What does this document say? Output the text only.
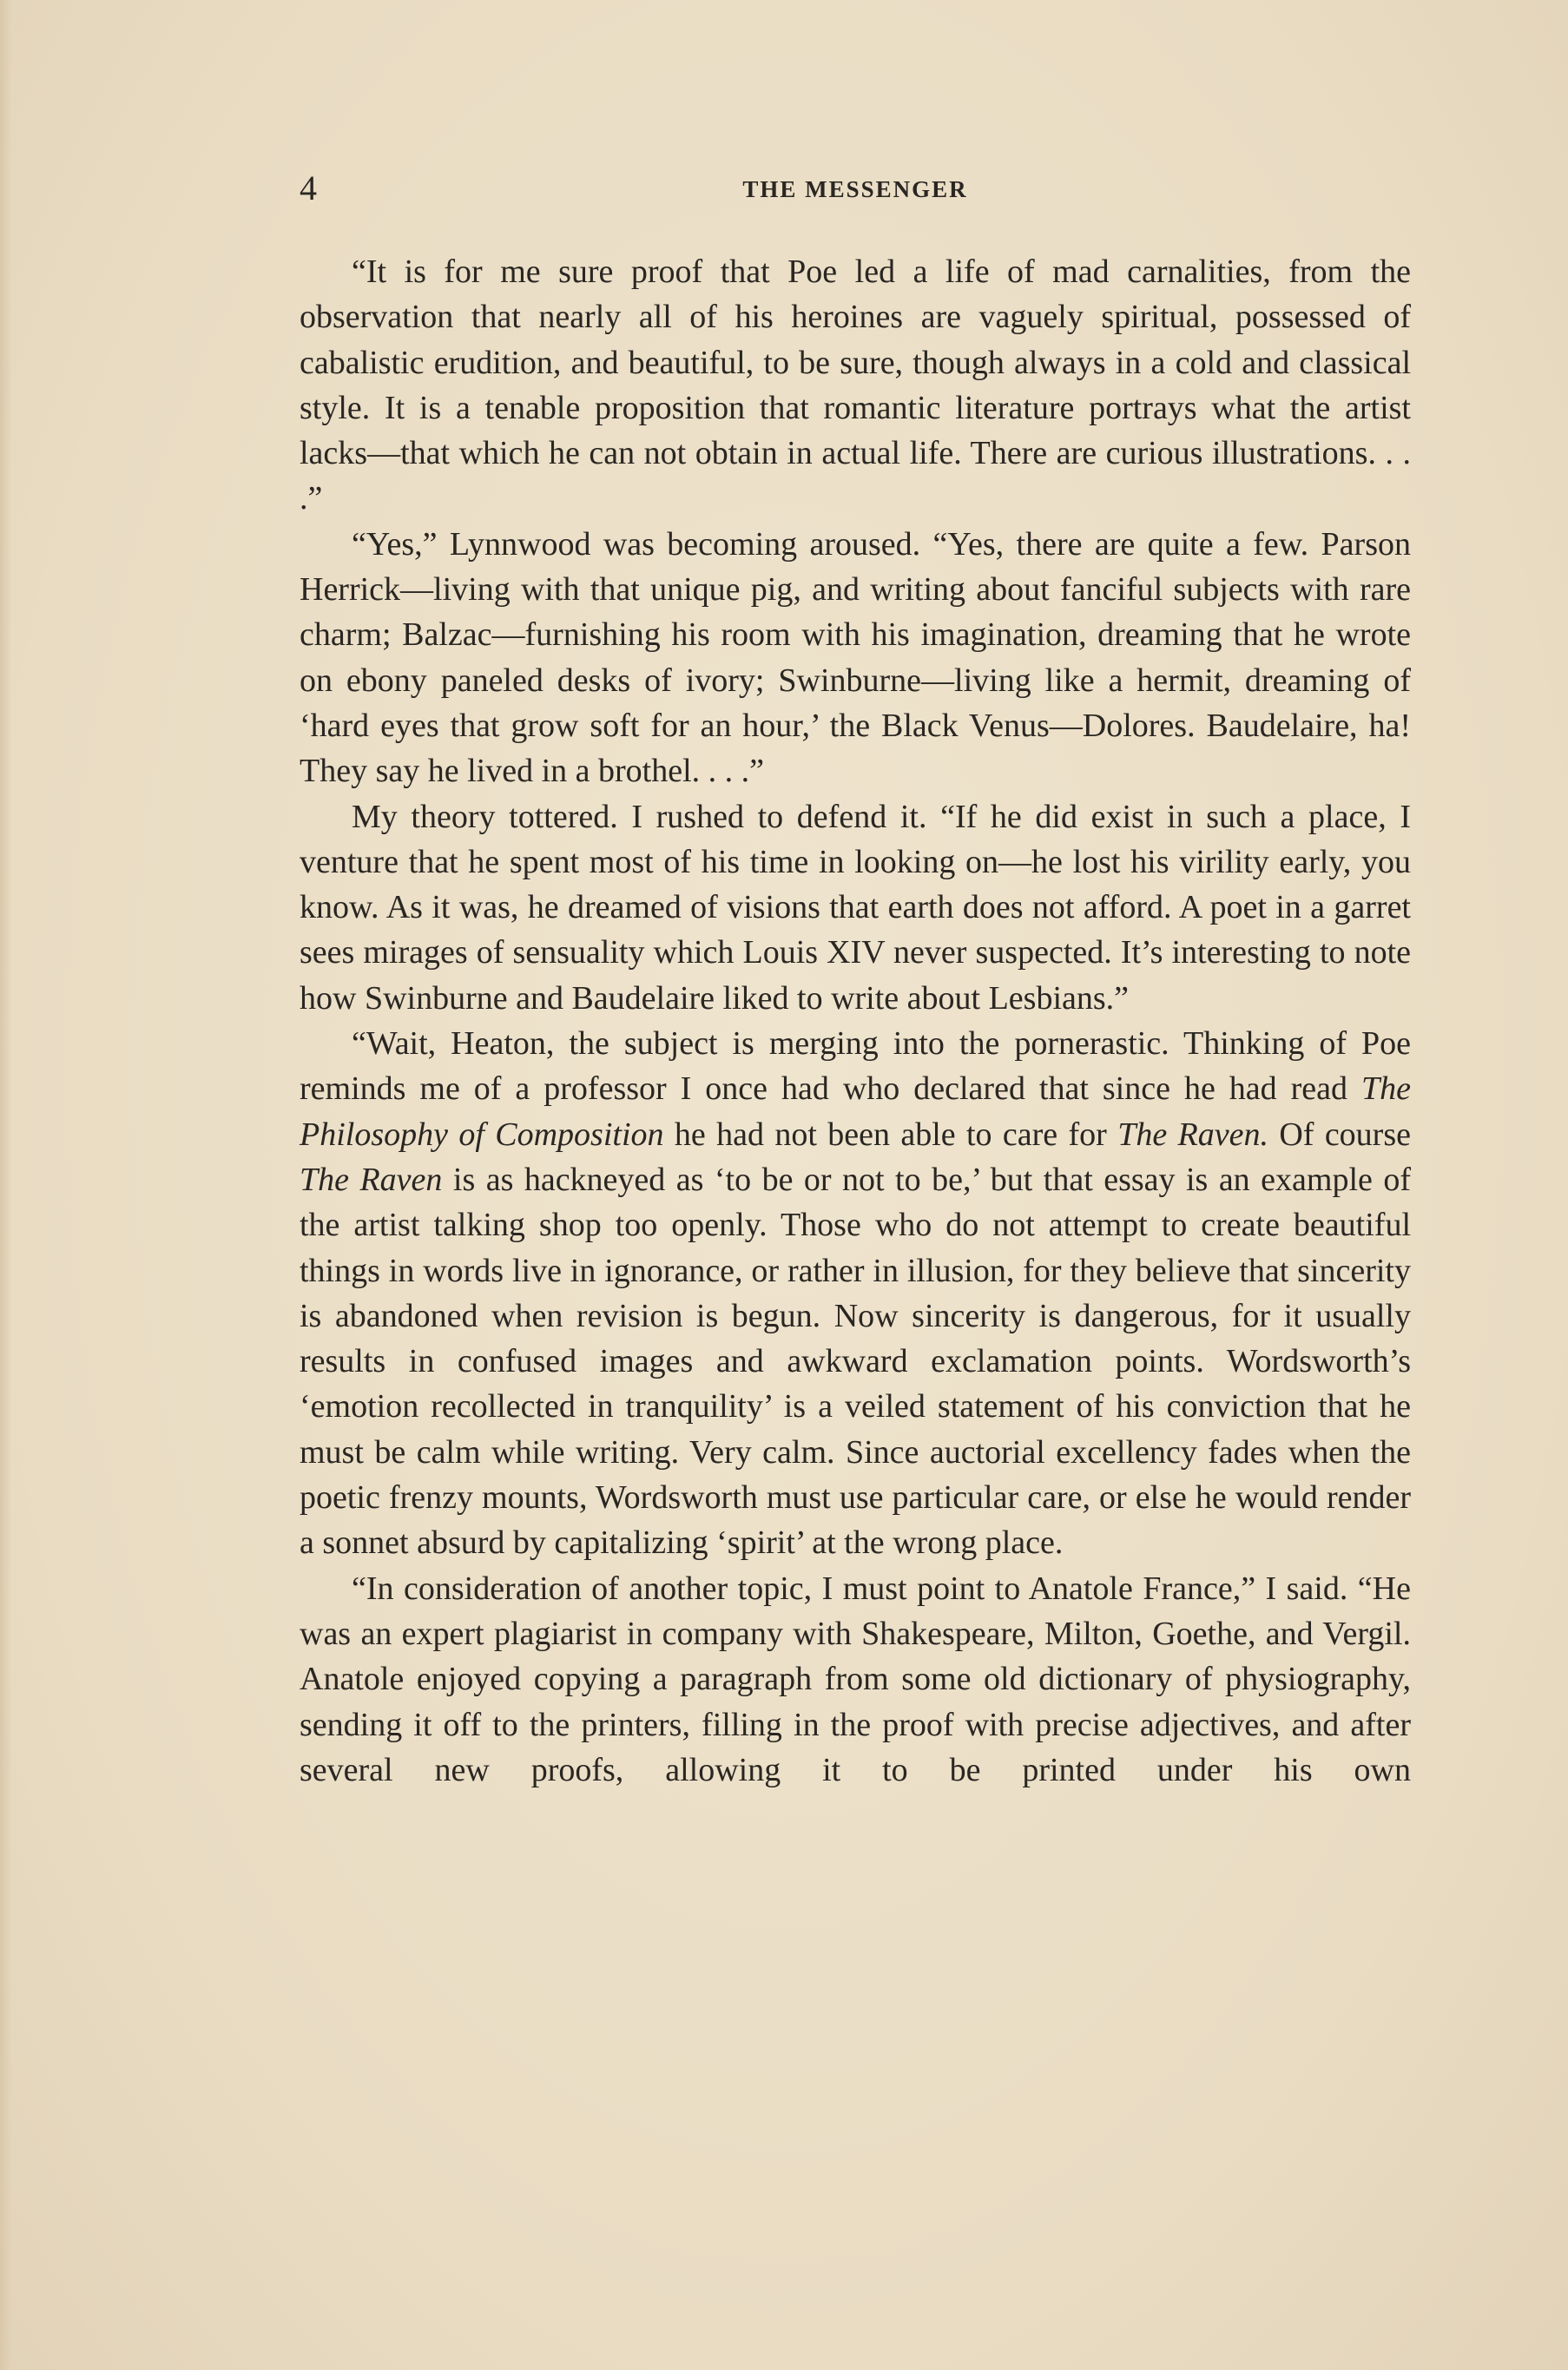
4	THE MESSENGER

“It is for me sure proof that Poe led a life of mad carnalities, from the observation that nearly all of his heroines are vaguely spiritual, possessed of cabalistic erudition, and beautiful, to be sure, though always in a cold and classical style. It is a tenable proposition that romantic literature portrays what the artist lacks—that which he can not obtain in actual life. There are curious illustrations. . . .”

“Yes,” Lynnwood was becoming aroused. “Yes, there are quite a few. Parson Herrick—living with that unique pig, and writing about fanciful subjects with rare charm; Balzac—furnishing his room with his imagination, dreaming that he wrote on ebony paneled desks of ivory; Swinburne—living like a hermit, dreaming of ‘hard eyes that grow soft for an hour,’ the Black Venus—Dolores. Baudelaire, ha! They say he lived in a brothel. . . .”

My theory tottered. I rushed to defend it. “If he did exist in such a place, I venture that he spent most of his time in looking on—he lost his virility early, you know. As it was, he dreamed of visions that earth does not afford. A poet in a garret sees mirages of sensuality which Louis XIV never suspected. It’s interesting to note how Swinburne and Baudelaire liked to write about Lesbians.”

“Wait, Heaton, the subject is merging into the pornerastic. Thinking of Poe reminds me of a professor I once had who declared that since he had read The Philosophy of Composition he had not been able to care for The Raven. Of course The Raven is as hackneyed as ‘to be or not to be,’ but that essay is an example of the artist talking shop too openly. Those who do not attempt to create beautiful things in words live in ignorance, or rather in illusion, for they believe that sincerity is abandoned when revision is begun. Now sincerity is dangerous, for it usually results in confused images and awkward exclamation points. Wordsworth’s ‘emotion recollected in tranquility’ is a veiled statement of his conviction that he must be calm while writing. Very calm. Since auctorial excellency fades when the poetic frenzy mounts, Wordsworth must use particular care, or else he would render a sonnet absurd by capitalizing ‘spirit’ at the wrong place.

“In consideration of another topic, I must point to Anatole France,” I said. “He was an expert plagiarist in company with Shakespeare, Milton, Goethe, and Vergil. Anatole enjoyed copying a paragraph from some old dictionary of physiography, sending it off to the printers, filling in the proof with precise adjectives, and after several new proofs, allowing it to be printed under his own
